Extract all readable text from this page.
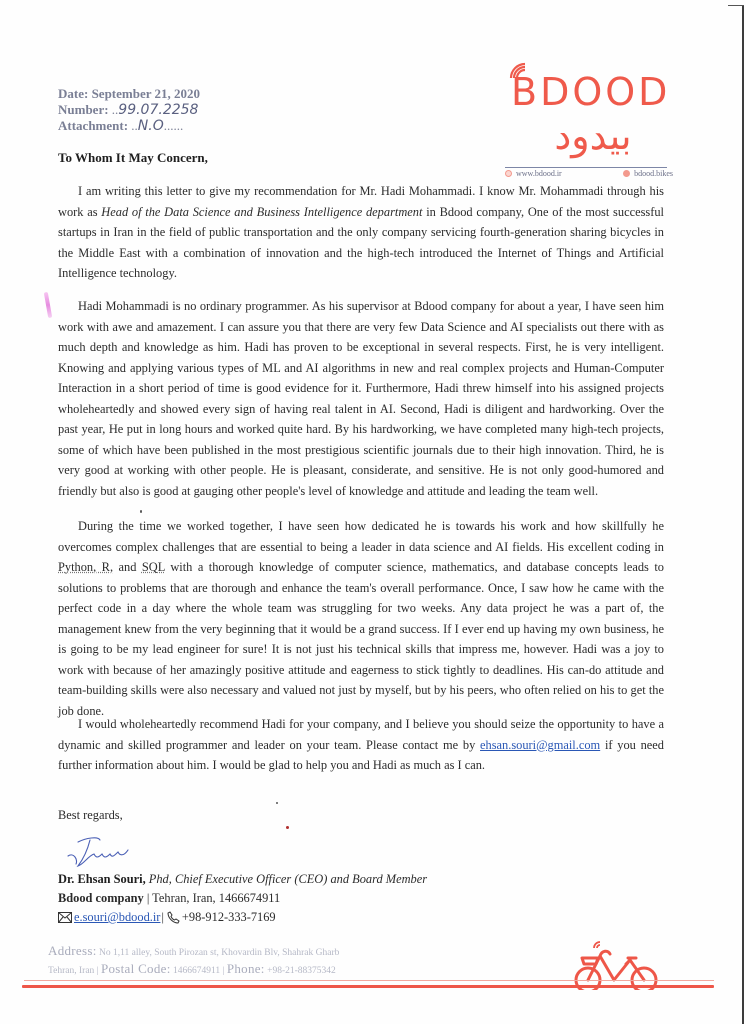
Date: September 21, 2020
Number: ..99.07.2258
Attachment: ..N.O......
BDOOD
بیدود
www.bdood.ir	bdood.bikes
To Whom It May Concern,
I am writing this letter to give my recommendation for Mr. Hadi Mohammadi. I know Mr. Mohammadi through his work as Head of the Data Science and Business Intelligence department in Bdood company, One of the most successful startups in Iran in the field of public transportation and the only company servicing fourth-generation sharing bicycles in the Middle East with a combination of innovation and the high-tech introduced the Internet of Things and Artificial Intelligence technology.
Hadi Mohammadi is no ordinary programmer. As his supervisor at Bdood company for about a year, I have seen him work with awe and amazement. I can assure you that there are very few Data Science and AI specialists out there with as much depth and knowledge as him. Hadi has proven to be exceptional in several respects. First, he is very intelligent. Knowing and applying various types of ML and AI algorithms in new and real complex projects and Human-Computer Interaction in a short period of time is good evidence for it. Furthermore, Hadi threw himself into his assigned projects wholeheartedly and showed every sign of having real talent in AI. Second, Hadi is diligent and hardworking. Over the past year, He put in long hours and worked quite hard. By his hardworking, we have completed many high-tech projects, some of which have been published in the most prestigious scientific journals due to their high innovation. Third, he is very good at working with other people. He is pleasant, considerate, and sensitive. He is not only good-humored and friendly but also is good at gauging other people's level of knowledge and attitude and leading the team well.
During the time we worked together, I have seen how dedicated he is towards his work and how skillfully he overcomes complex challenges that are essential to being a leader in data science and AI fields. His excellent coding in Python, R, and SQL with a thorough knowledge of computer science, mathematics, and database concepts leads to solutions to problems that are thorough and enhance the team's overall performance. Once, I saw how he came with the perfect code in a day where the whole team was struggling for two weeks. Any data project he was a part of, the management knew from the very beginning that it would be a grand success. If I ever end up having my own business, he is going to be my lead engineer for sure! It is not just his technical skills that impress me, however. Hadi was a joy to work with because of her amazingly positive attitude and eagerness to stick tightly to deadlines. His can-do attitude and team-building skills were also necessary and valued not just by myself, but by his peers, who often relied on his to get the job done.
I would wholeheartedly recommend Hadi for your company, and I believe you should seize the opportunity to have a dynamic and skilled programmer and leader on your team. Please contact me by ehsan.souri@gmail.com if you need further information about him. I would be glad to help you and Hadi as much as I can.
Best regards,
Dr. Ehsan Souri, Phd, Chief Executive Officer (CEO) and Board Member
Bdood company | Tehran, Iran, 1466674911
e.souri@bdood.ir | +98-912-333-7169
Address: No 1,11 alley, South Pirozan st, Khovardin Blv, Shahrak Gharb
Tehran, Iran | Postal Code: 1466674911 | Phone: +98-21-88375342
